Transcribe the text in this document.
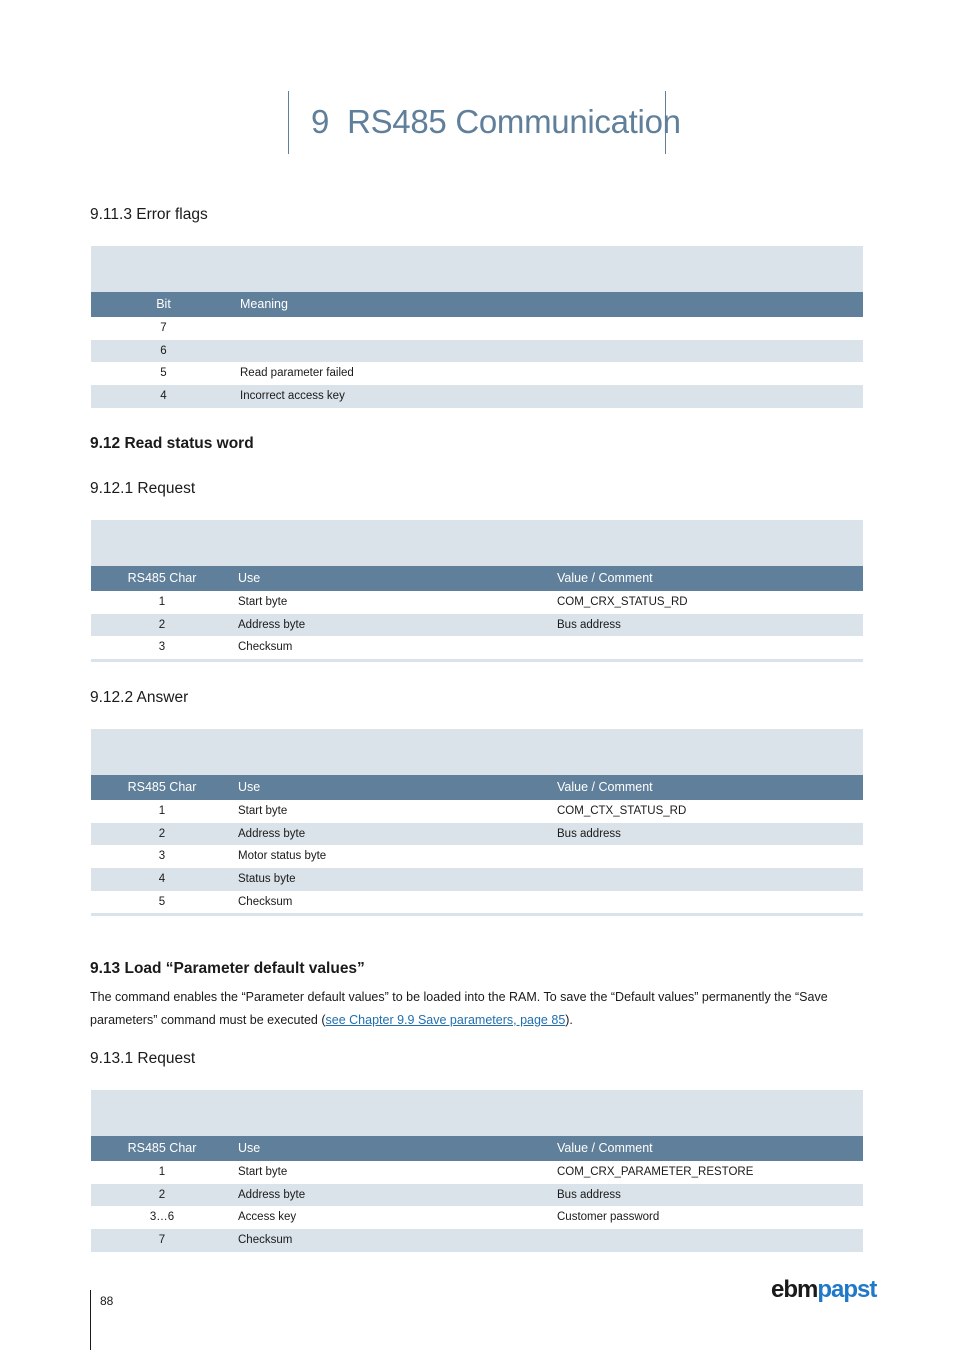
9 RS485 Communication
9.11.3 Error flags
Bit	Meaning
7
6
5	Read parameter failed
4	Incorrect access key
9.12 Read status word
9.12.1 Request
RS485 Char	Use	Value / Comment
1	Start byte	COM_CRX_STATUS_RD
2	Address byte	Bus address
3	Checksum
9.12.2 Answer
RS485 Char	Use	Value / Comment
1	Start byte	COM_CTX_STATUS_RD
2	Address byte	Bus address
3	Motor status byte
4	Status byte
5	Checksum
9.13 Load “Parameter default values”
The command enables the “Parameter default values” to be loaded into the RAM. To save the “Default values” permanently the “Save parameters” command must be executed (see Chapter 9.9 Save parameters, page 85).
9.13.1 Request
RS485 Char	Use	Value / Comment
1	Start byte	COM_CRX_PARAMETER_RESTORE
2	Address byte	Bus address
3…6	Access key	Customer password
7	Checksum
88	ebmpapst
